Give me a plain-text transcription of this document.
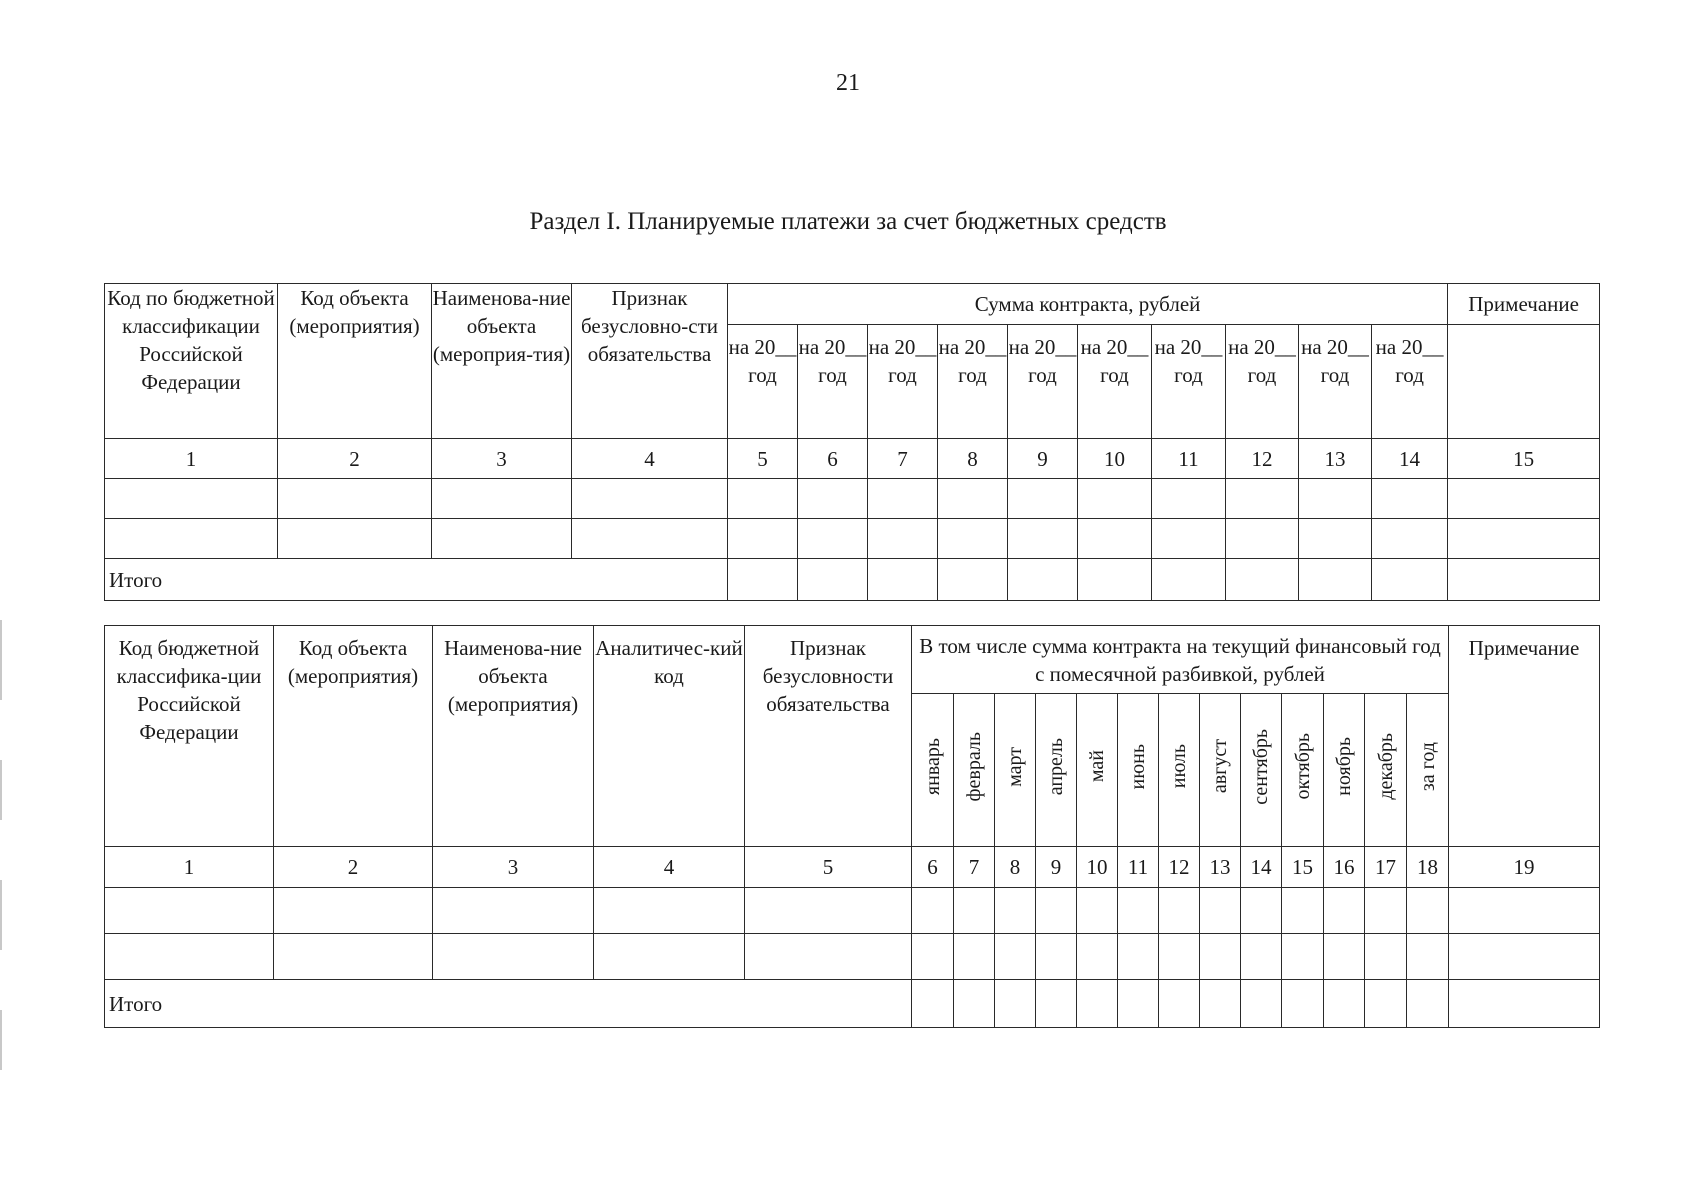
21
Раздел I. Планируемые платежи за счет бюджетных средств
Код по бюджетной классификации Российской Федерации	Код объекта (мероприятия)	Наименова-ние объекта (мероприя-тия)	Признак безусловно-сти обязательства	Сумма контракта, рублей										Примечание
				на 20__ год	на 20__ год	на 20__ год	на 20__ год	на 20__ год	на 20__ год	на 20__ год	на 20__ год	на 20__ год	на 20__ год	
1	2	3	4	5	6	7	8	9	10	11	12	13	14	15

Итого														
Код бюджетной классифика-ции Российской Федерации	Код объекта (мероприятия)	Наименова-ние объекта (мероприятия)	Аналитичес-кий код	Признак безусловности обязательства	В том числе сумма контракта на текущий финансовый год с помесячной разбивкой, рублей													Примечание
					январь	февраль	март	апрель	май	июнь	июль	август	сентябрь	октябрь	ноябрь	декабрь	за год	
1	2	3	4	5	6	7	8	9	10	11	12	13	14	15	16	17	18	19

Итого																		
